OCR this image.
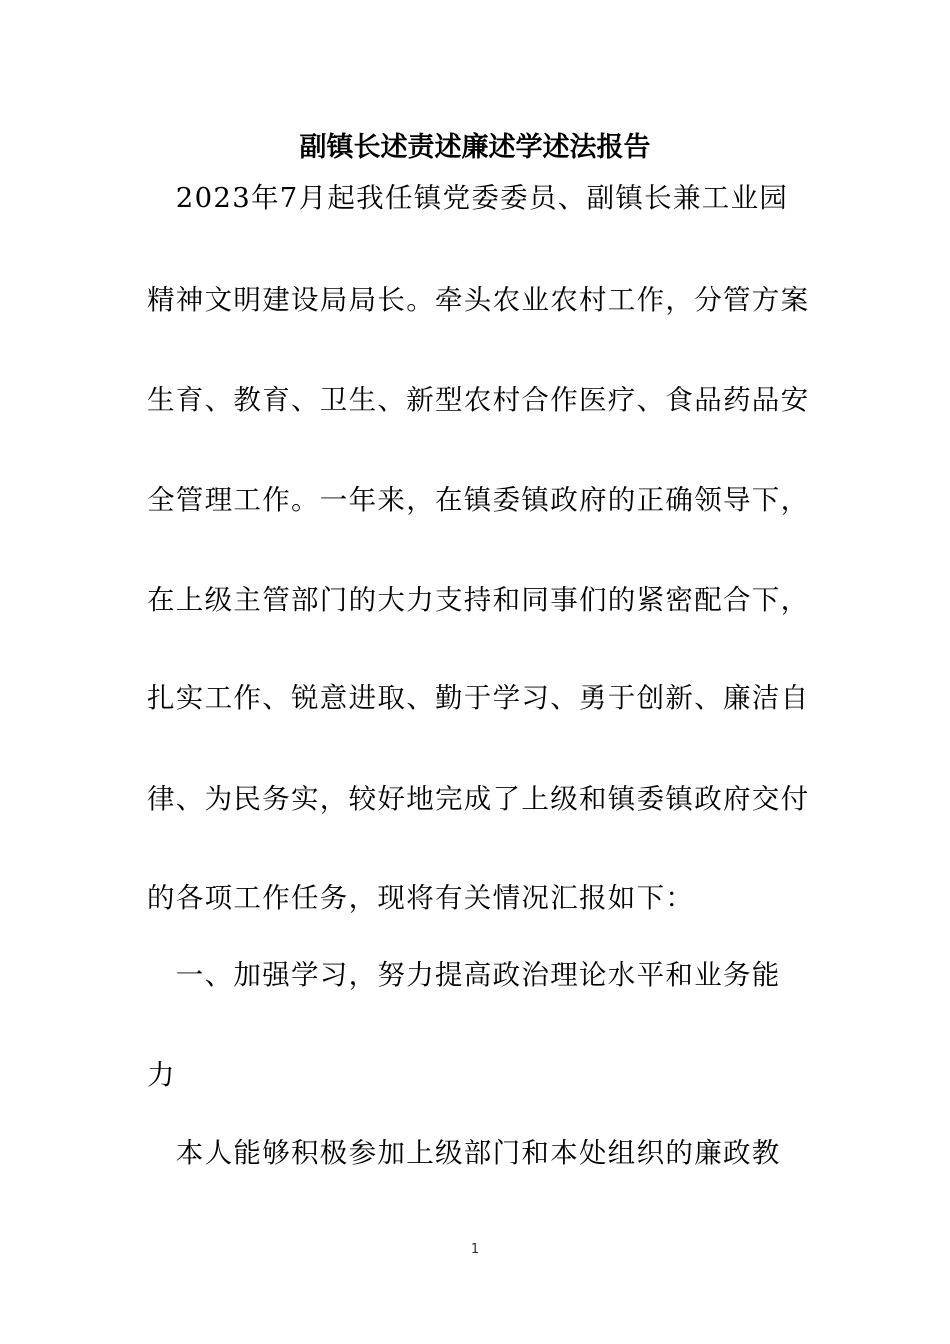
副镇长述责述廉述学述法报告
　2023年7月起我任镇党委委员、副镇长兼工业园
精神文明建设局局长。牵头农业农村工作，分管方案
生育、教育、卫生、新型农村合作医疗、食品药品安
全管理工作。一年来，在镇委镇政府的正确领导下，
在上级主管部门的大力支持和同事们的紧密配合下，
扎实工作、锐意进取、勤于学习、勇于创新、廉洁自
律、为民务实，较好地完成了上级和镇委镇政府交付
的各项工作任务，现将有关情况汇报如下：
　一、加强学习，努力提高政治理论水平和业务能
力
　本人能够积极参加上级部门和本处组织的廉政教
1
